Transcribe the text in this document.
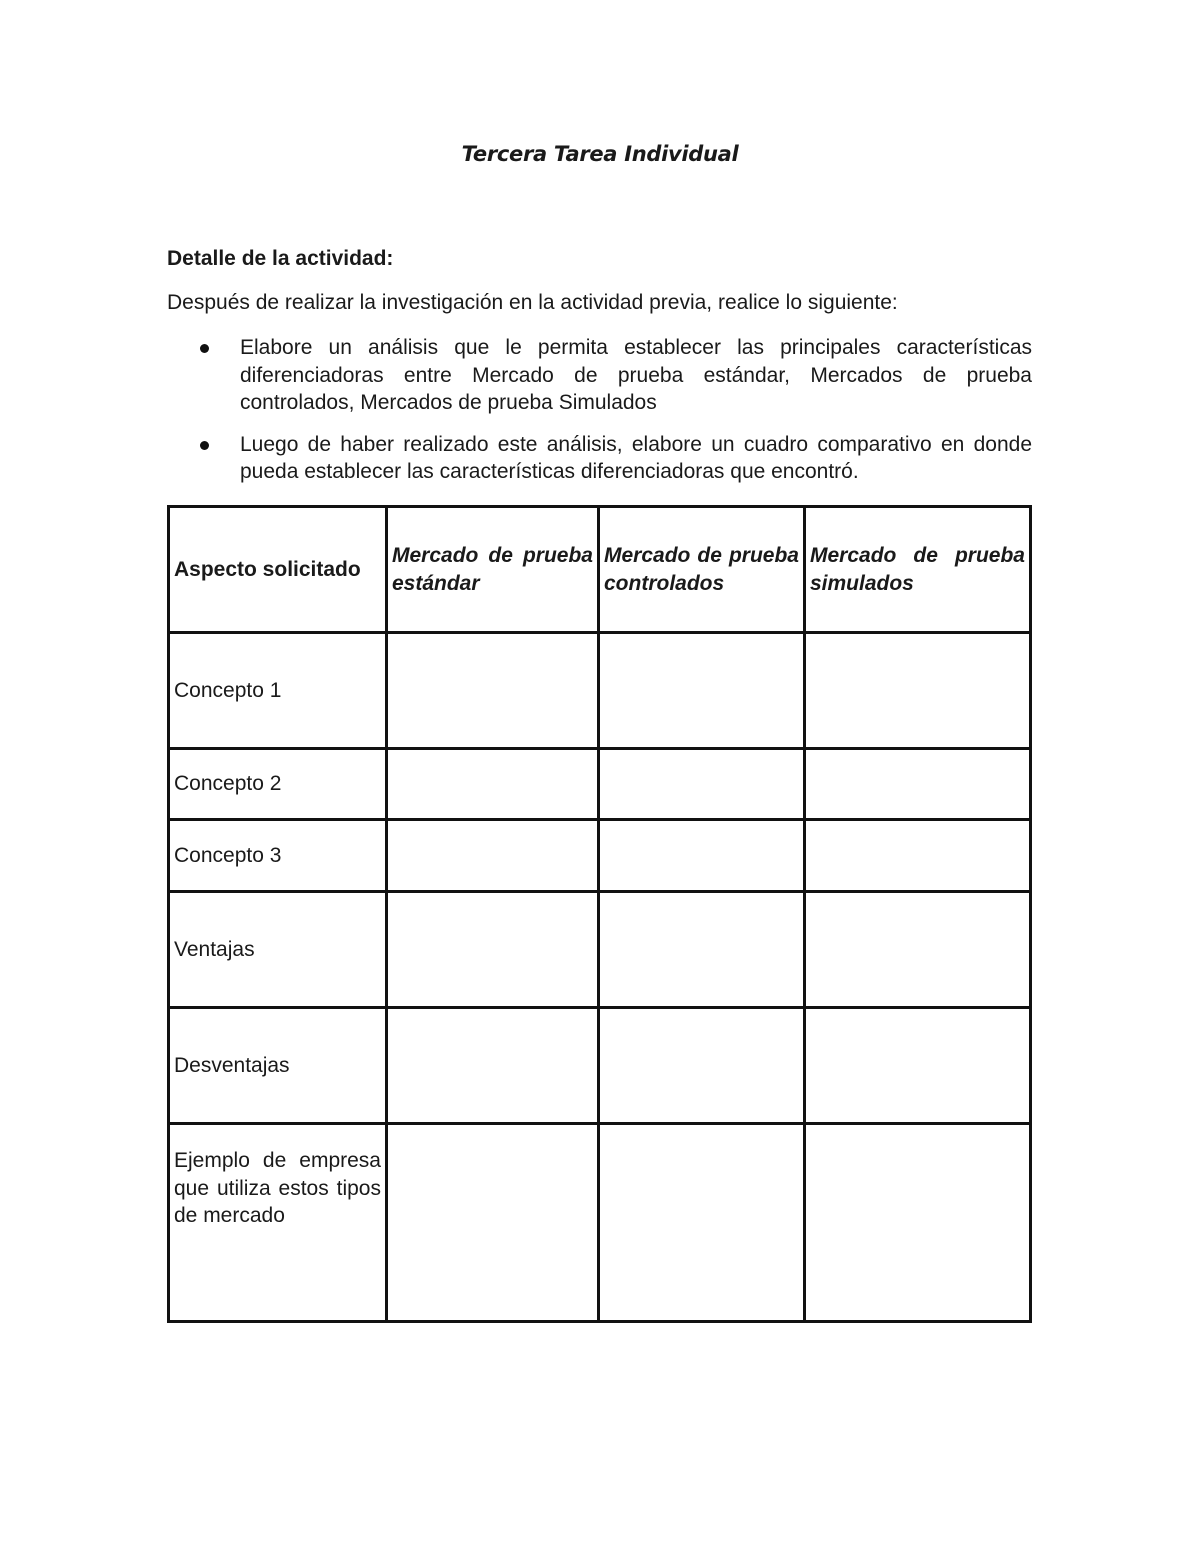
Tercera Tarea Individual
Detalle de la actividad:
Después de realizar la investigación en la actividad previa, realice lo siguiente:
Elabore un análisis que le permita establecer las principales características diferenciadoras entre Mercado de prueba estándar, Mercados de prueba controlados, Mercados de prueba Simulados
Luego de haber realizado este análisis, elabore un cuadro comparativo en donde pueda establecer las características diferenciadoras que encontró.
Aspecto solicitado	Mercado de prueba estándar	Mercado de prueba controlados	Mercado de prueba simulados
Concepto 1			
Concepto 2			
Concepto 3			
Ventajas			
Desventajas			
Ejemplo de empresa que utiliza estos tipos de mercado			
